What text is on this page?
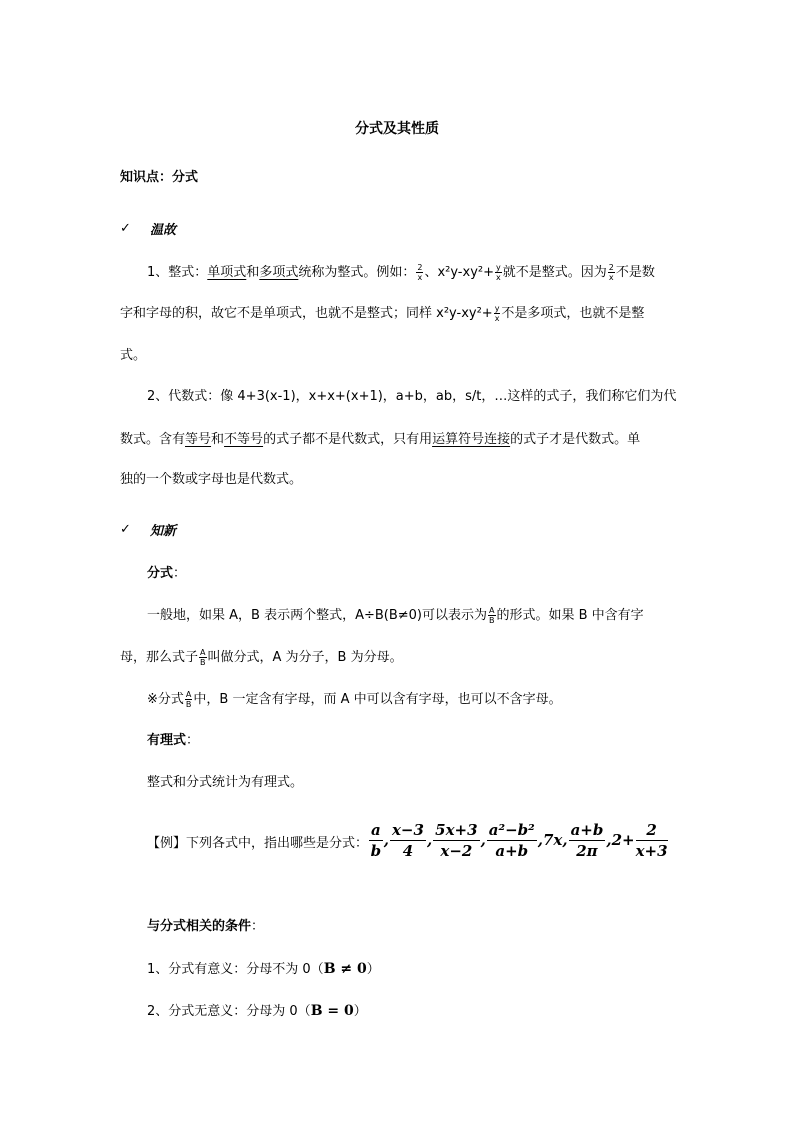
分式及其性质
知识点：分式
✓ 温故
1、整式：单项式和多项式统称为整式。例如： $\frac{2}{x}$ 、$x^2y-xy^2+ \frac{y}{x}$ 就不是整式。因为 $\frac{2}{x}$ 不是数
字和字母的积，故它不是单项式，也就不是整式；同样 $x^2y-xy^2+ \frac{y}{x}$ 不是多项式，也就不是整
式。
2、代数式：像 4+3(x-1)，x+x+(x+1)，a+b，ab，s/t，…这样的式子，我们称它们为代
数式。含有等号和不等号的式子都不是代数式，只有用运算符号连接的式子才是代数式。单
独的一个数或字母也是代数式。
✓ 知新
分式：
一般地，如果 A，B 表示两个整式，A÷B(B≠0)可以表示为 $\frac{A}{B}$ 的形式。如果 B 中含有字
母，那么式子 $\frac{A}{B}$ 叫做分式，A 为分子，B 为分母。
※分式 $\frac{A}{B}$ 中，B 一定含有字母，而 A 中可以含有字母，也可以不含字母。
有理式：
整式和分式统计为有理式。
【例】下列各式中，指出哪些是分式： $\frac{a}{b}$ , $\frac{x-3}{4}$ , $\frac{5x+3}{x-2}$ , $\frac{\text{a²−b²}}{a+b} ,7x$, $\frac{a+b}{2\pi} ,2+ \frac{2}{x+3}$
与分式相关的条件：
1、分式有意义：分母不为 0（B ≠ 0）
2、分式无意义：分母为 0（B = 0）
